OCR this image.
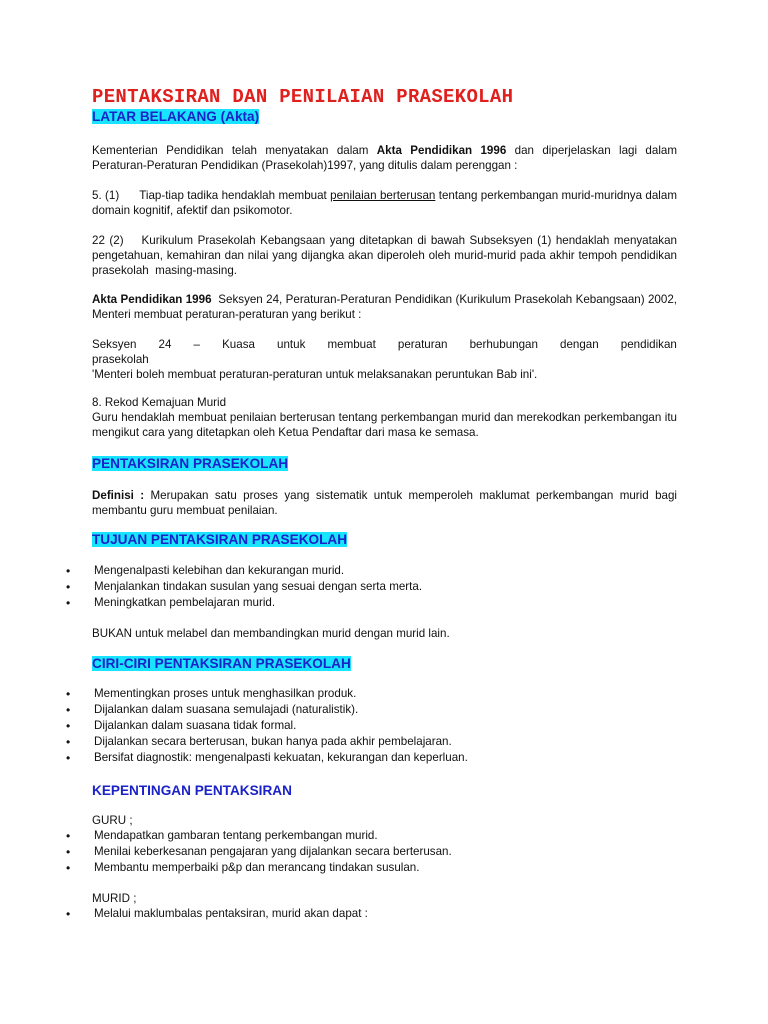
PENTAKSIRAN DAN PENILAIAN PRASEKOLAH
LATAR BELAKANG (Akta)
Kementerian Pendidikan telah menyatakan dalam Akta Pendidikan 1996 dan diperjelaskan lagi dalam Peraturan-Peraturan Pendidikan (Prasekolah)1997, yang ditulis dalam perenggan :
5. (1)      Tiap-tiap tadika hendaklah membuat penilaian berterusan tentang perkembangan murid-muridnya dalam domain kognitif, afektif dan psikomotor.
22 (2)    Kurikulum Prasekolah Kebangsaan yang ditetapkan di bawah Subseksyen (1) hendaklah menyatakan pengetahuan, kemahiran dan nilai yang dijangka akan diperoleh oleh murid-murid pada akhir tempoh pendidikan prasekolah  masing-masing.
Akta Pendidikan 1996  Seksyen 24, Peraturan-Peraturan Pendidikan (Kurikulum Prasekolah Kebangsaan) 2002, Menteri membuat peraturan-peraturan yang berikut :
Seksyen 24 – Kuasa untuk membuat peraturan berhubungan dengan pendidikan
prasekolah
'Menteri boleh membuat peraturan-peraturan untuk melaksanakan peruntukan Bab ini'.
8. Rekod Kemajuan Murid
Guru hendaklah membuat penilaian berterusan tentang perkembangan murid dan merekodkan perkembangan itu mengikut cara yang ditetapkan oleh Ketua Pendaftar dari masa ke semasa.
PENTAKSIRAN PRASEKOLAH
Definisi : Merupakan satu proses yang sistematik untuk memperoleh maklumat perkembangan murid bagi membantu guru membuat penilaian.
TUJUAN PENTAKSIRAN PRASEKOLAH
•	Mengenalpasti kelebihan dan kekurangan murid.
•	Menjalankan tindakan susulan yang sesuai dengan serta merta.
•	Meningkatkan pembelajaran murid.
BUKAN untuk melabel dan membandingkan murid dengan murid lain.
CIRI-CIRI PENTAKSIRAN PRASEKOLAH
•	Mementingkan proses untuk menghasilkan produk.
•	Dijalankan dalam suasana semulajadi (naturalistik).
•	Dijalankan dalam suasana tidak formal.
•	Dijalankan secara berterusan, bukan hanya pada akhir pembelajaran.
•	Bersifat diagnostik: mengenalpasti kekuatan, kekurangan dan keperluan.
KEPENTINGAN PENTAKSIRAN
GURU ;
•	Mendapatkan gambaran tentang perkembangan murid.
•	Menilai keberkesanan pengajaran yang dijalankan secara berterusan.
•	Membantu memperbaiki p&p dan merancang tindakan susulan.
MURID ;
•	Melalui maklumbalas pentaksiran, murid akan dapat :
